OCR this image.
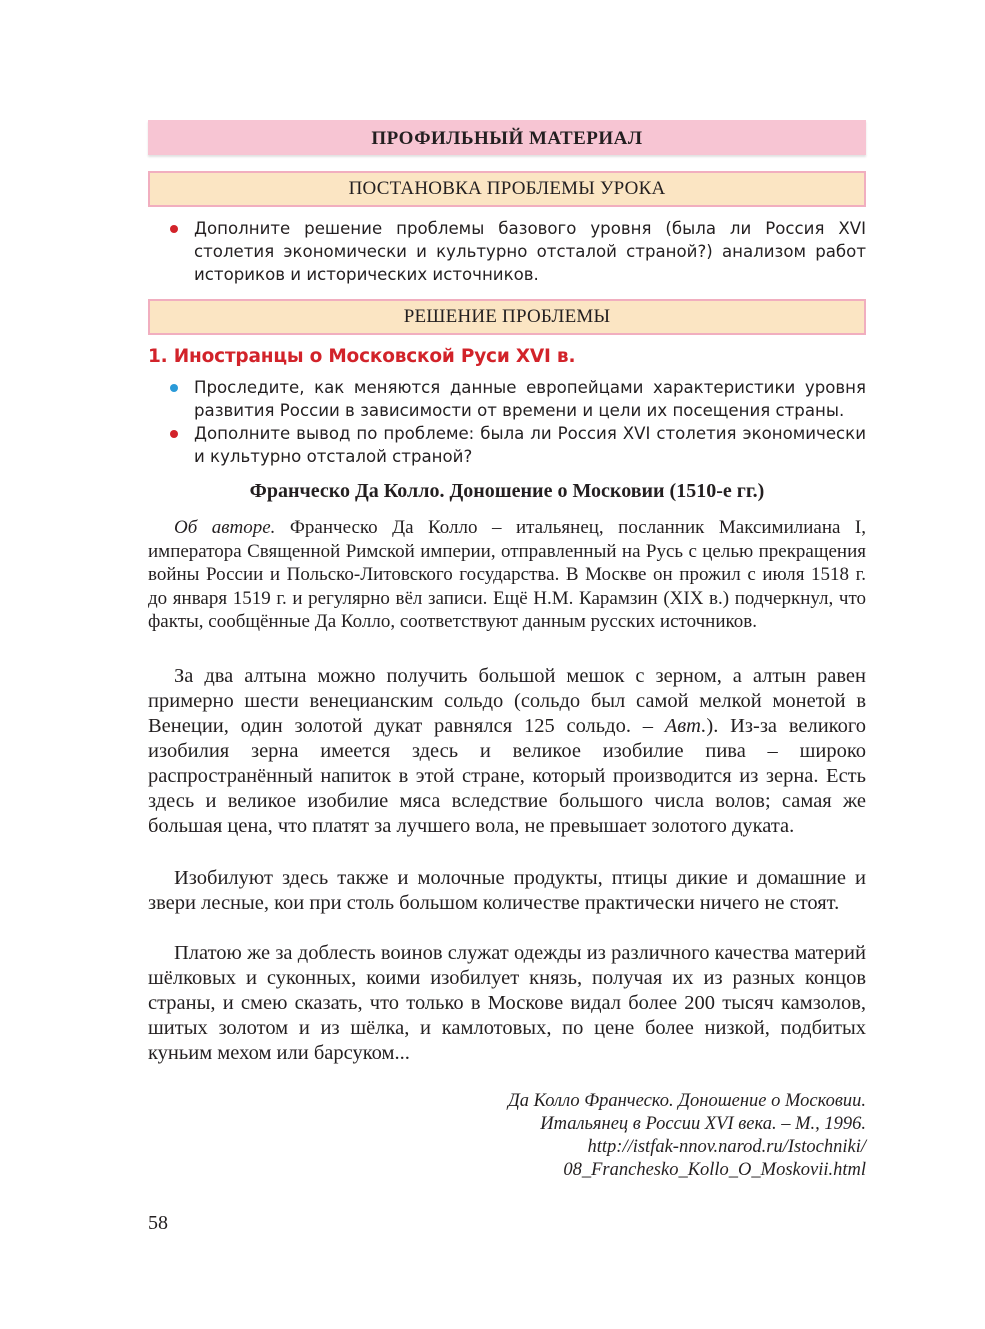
ПРОФИЛЬНЫЙ МАТЕРИАЛ
ПОСТАНОВКА ПРОБЛЕМЫ УРОКА
Дополните решение проблемы базового уровня (была ли Россия XVI столетия экономически и культурно отсталой страной?) анализом работ историков и исторических источников.
РЕШЕНИЕ ПРОБЛЕМЫ
1. Иностранцы о Московской Руси XVI в.
Проследите, как меняются данные европейцами характеристики уровня развития России в зависимости от времени и цели их посещения страны.
Дополните вывод по проблеме: была ли Россия XVI столетия экономически и культурно отсталой страной?
Франческо Да Колло. Доношение о Московии (1510-е гг.)
Об авторе. Франческо Да Колло – итальянец, посланник Максимилиана I, императора Священной Римской империи, отправленный на Русь с целью прекращения войны России и Польско-Литовского государства. В Москве он прожил с июля 1518 г. до января 1519 г. и регулярно вёл записи. Ещё Н.М. Карамзин (XIX в.) подчеркнул, что факты, сообщённые Да Колло, соответствуют данным русских источников.
За два алтына можно получить большой мешок с зерном, а алтын равен примерно шести венецианским сольдо (сольдо был самой мелкой монетой в Венеции, один золотой дукат равнялся 125 сольдо. – Авт.). Из-за великого изобилия зерна имеется здесь и великое изобилие пива – широко распространённый напиток в этой стране, который производится из зерна. Есть здесь и великое изобилие мяса вследствие большого числа волов; самая же большая цена, что платят за лучшего вола, не превышает золотого дуката.
Изобилуют здесь также и молочные продукты, птицы дикие и домашние и звери лесные, кои при столь большом количестве практически ничего не стоят.
Платою же за доблесть воинов служат одежды из различного качества материй шёлковых и суконных, коими изобилует князь, получая их из разных концов страны, и смею сказать, что только в Москове видал более 200 тысяч камзолов, шитых золотом и из шёлка, и камлотовых, по цене более низкой, подбитых куньим мехом или барсуком...
Да Колло Франческо. Доношение о Московии.
Итальянец в России XVI века. – М., 1996.
http://istfak-nnov.narod.ru/Istochniki/
08_Franchesko_Kollo_O_Moskovii.html
58
